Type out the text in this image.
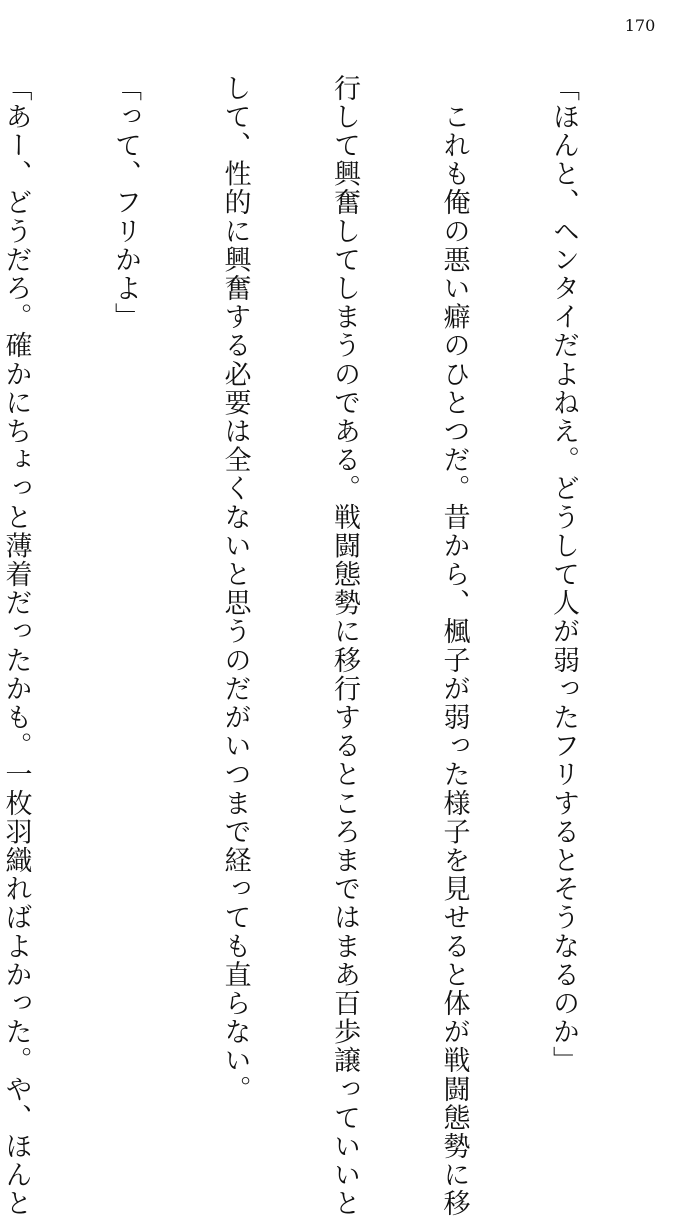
170

「ほんと、ヘンタイだよねえ。どうして人が弱ったフリするとそうなるのか」

　これも俺の悪い癖のひとつだ。昔から、楓子が弱った様子を見せると体が戦闘態勢に移

行して興奮してしまうのである。戦闘態勢に移行するところまではまあ百歩譲っていいと

して、性的に興奮する必要は全くないと思うのだがいつまで経っても直らない。

「って、フリかよ」

「あー、どうだろ。確かにちょっと薄着だったかも。一枚羽織ればよかった。や、ほんと
